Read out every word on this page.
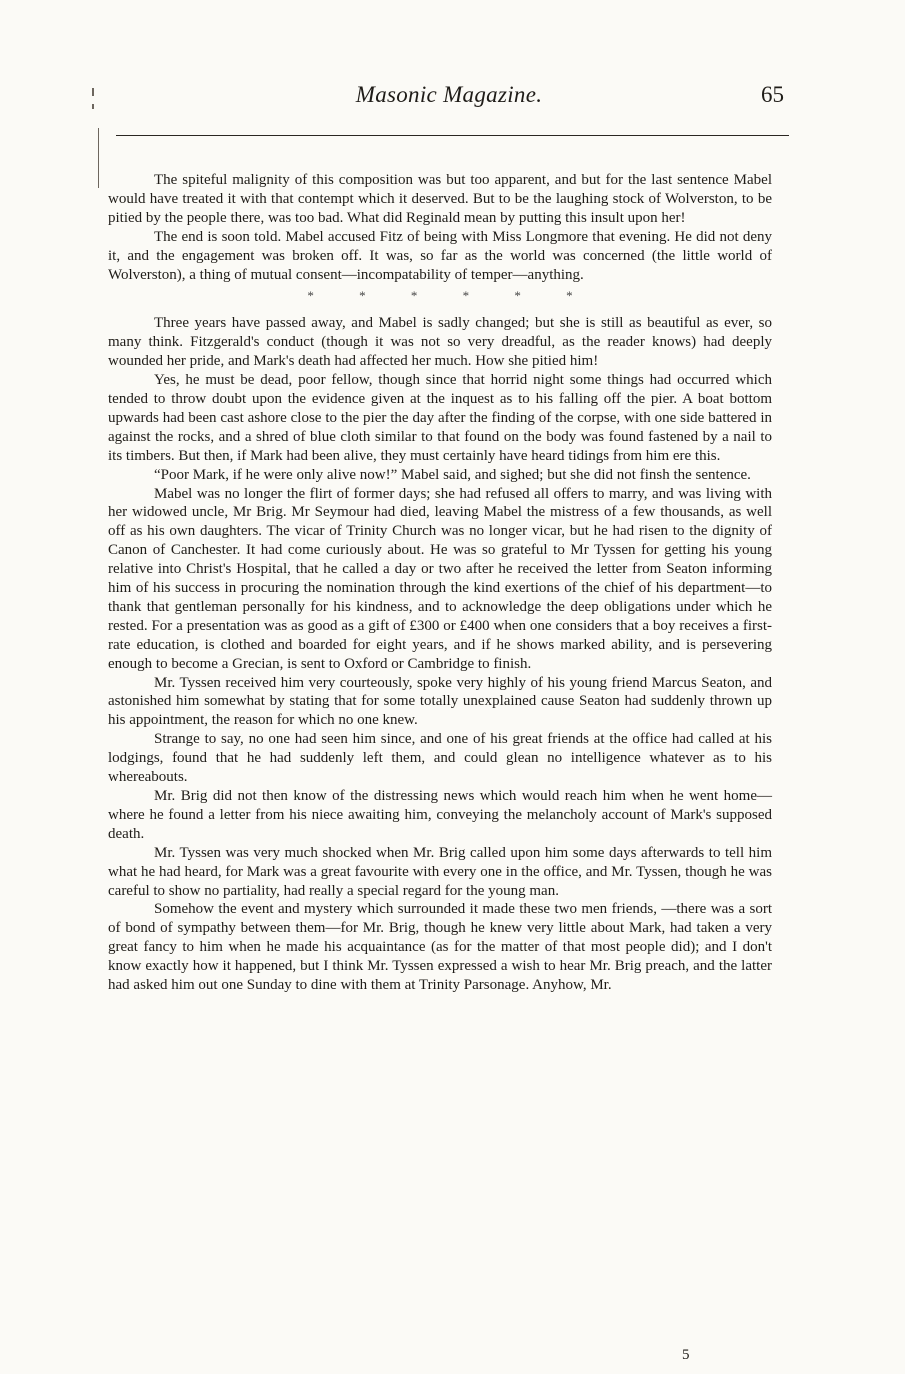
Masonic Magazine.	65

The spiteful malignity of this composition was but too apparent, and but for the last sentence Mabel would have treated it with that contempt which it deserved. But to be the laughing stock of Wolverston, to be pitied by the people there, was too bad. What did Reginald mean by putting this insult upon her!

The end is soon told. Mabel accused Fitz of being with Miss Longmore that evening. He did not deny it, and the engagement was broken off. It was, so far as the world was concerned (the little world of Wolverston), a thing of mutual consent—incompatability of temper—anything.

* * * * * *

Three years have passed away, and Mabel is sadly changed; but she is still as beautiful as ever, so many think. Fitzgerald's conduct (though it was not so very dreadful, as the reader knows) had deeply wounded her pride, and Mark's death had affected her much. How she pitied him!

Yes, he must be dead, poor fellow, though since that horrid night some things had occurred which tended to throw doubt upon the evidence given at the inquest as to his falling off the pier. A boat bottom upwards had been cast ashore close to the pier the day after the finding of the corpse, with one side battered in against the rocks, and a shred of blue cloth similar to that found on the body was found fastened by a nail to its timbers. But then, if Mark had been alive, they must certainly have heard tidings from him ere this.

“Poor Mark, if he were only alive now!” Mabel said, and sighed; but she did not finsh the sentence.

Mabel was no longer the flirt of former days; she had refused all offers to marry, and was living with her widowed uncle, Mr Brig. Mr Seymour had died, leaving Mabel the mistress of a few thousands, as well off as his own daughters. The vicar of Trinity Church was no longer vicar, but he had risen to the dignity of Canon of Canchester. It had come curiously about. He was so grateful to Mr Tyssen for getting his young relative into Christ's Hospital, that he called a day or two after he received the letter from Seaton informing him of his success in procuring the nomination through the kind exertions of the chief of his department—to thank that gentleman personally for his kindness, and to acknowledge the deep obligations under which he rested. For a presentation was as good as a gift of £300 or £400 when one considers that a boy receives a first-rate education, is clothed and boarded for eight years, and if he shows marked ability, and is persevering enough to become a Grecian, is sent to Oxford or Cambridge to finish.

Mr. Tyssen received him very courteously, spoke very highly of his young friend Marcus Seaton, and astonished him somewhat by stating that for some totally unexplained cause Seaton had suddenly thrown up his appointment, the reason for which no one knew.

Strange to say, no one had seen him since, and one of his great friends at the office had called at his lodgings, found that he had suddenly left them, and could glean no intelligence whatever as to his whereabouts.

Mr. Brig did not then know of the distressing news which would reach him when he went home—where he found a letter from his niece awaiting him, conveying the melancholy account of Mark's supposed death.

Mr. Tyssen was very much shocked when Mr. Brig called upon him some days afterwards to tell him what he had heard, for Mark was a great favourite with every one in the office, and Mr. Tyssen, though he was careful to show no partiality, had really a special regard for the young man.

Somehow the event and mystery which surrounded it made these two men friends, —there was a sort of bond of sympathy between them—for Mr. Brig, though he knew very little about Mark, had taken a very great fancy to him when he made his acquaintance (as for the matter of that most people did); and I don't know exactly how it happened, but I think Mr. Tyssen expressed a wish to hear Mr. Brig preach, and the latter had asked him out one Sunday to dine with them at Trinity Parsonage. Anyhow, Mr.

5
